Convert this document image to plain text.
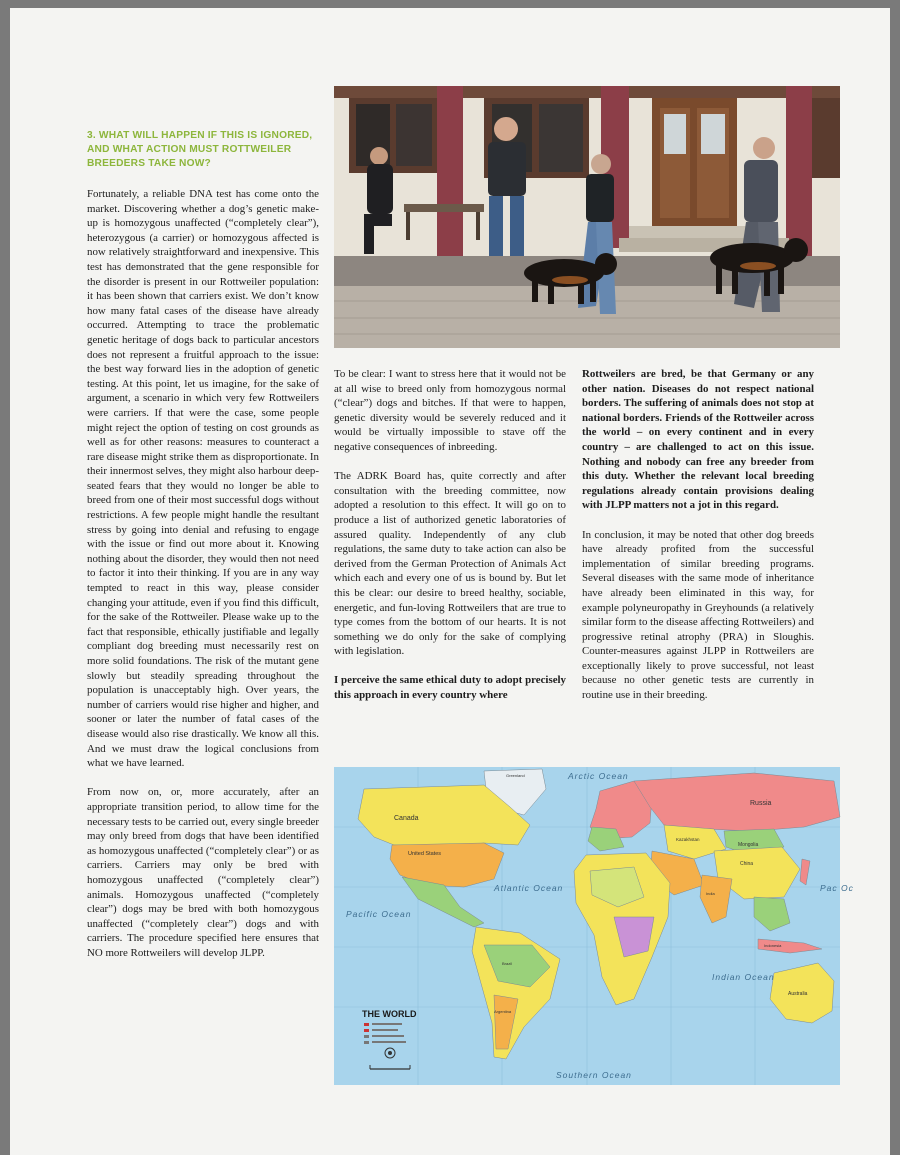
3. WHAT WILL HAPPEN IF THIS IS IGNORED, AND WHAT ACTION MUST ROTTWEILER BREEDERS TAKE NOW?

Fortunately, a reliable DNA test has come onto the market. Discovering whether a dog’s genetic make-up is homozygous unaffected (“completely clear”), heterozygous (a carrier) or homozygous affected is now relatively straightforward and inexpensive. This test has demonstrated that the gene responsible for the disorder is present in our Rottweiler population: it has been shown that carriers exist. We don’t know how many fatal cases of the disease have already occurred. Attempting to trace the problematic genetic heritage of dogs back to particular ancestors does not represent a fruitful approach to the issue: the best way forward lies in the adoption of genetic testing. At this point, let us imagine, for the sake of argument, a scenario in which very few Rottweilers were carriers. If that were the case, some people might reject the option of testing on cost grounds as well as for other reasons: measures to counteract a rare disease might strike them as disproportionate. In their innermost selves, they might also harbour deep-seated fears that they would no longer be able to breed from one of their most successful dogs without restrictions. A few people might handle the resultant stress by going into denial and refusing to engage with the issue or find out more about it. Knowing nothing about the disorder, they would then not need to factor it into their thinking. If you are in any way tempted to react in this way, please consider changing your attitude, even if you find this difficult, for the sake of the Rottweiler. Please wake up to the fact that responsible, ethically justifiable and legally compliant dog breeding must necessarily rest on more solid foundations. The risk of the mutant gene slowly but steadily spreading throughout the population is unacceptably high. Over years, the number of carriers would rise higher and higher, and sooner or later the number of fatal cases of the disease would also rise drastically. We know all this. And we must draw the logical conclusions from what we have learned.

From now on, or, more accurately, after an appropriate transition period, to allow time for the necessary tests to be carried out, every single breeder may only breed from dogs that have been identified as homozygous unaffected (“completely clear”) or as carriers. Carriers may only be bred with homozygous unaffected (“completely clear”) animals. Homozygous unaffected (“completely clear”) dogs may be bred with both homozygous unaffected (“completely clear”) dogs and with carriers. The procedure specified here ensures that NO more Rottweilers will develop JLPP.

To be clear: I want to stress here that it would not be at all wise to breed only from homozygous normal (“clear”) dogs and bitches. If that were to happen, genetic diversity would be severely reduced and it would be virtually impossible to stave off the negative consequences of inbreeding.

The ADRK Board has, quite correctly and after consultation with the breeding committee, now adopted a resolution to this effect. It will go on to produce a list of authorized genetic laboratories of assured quality. Independently of any club regulations, the same duty to take action can also be derived from the German Protection of Animals Act which each and every one of us is bound by. But let this be clear: our desire to breed healthy, sociable, energetic, and fun-loving Rottweilers that are true to type comes from the bottom of our hearts. It is not something we do only for the sake of complying with legislation.

I perceive the same ethical duty to adopt precisely this approach in every country where

Rottweilers are bred, be that Germany or any other nation. Diseases do not respect national borders. The suffering of animals does not stop at national borders. Friends of the Rottweiler across the world – on every continent and in every country – are challenged to act on this issue. Nothing and nobody can free any breeder from this duty. Whether the relevant local breeding regulations already contain provisions dealing with JLPP matters not a jot in this regard.

In conclusion, it may be noted that other dog breeds have already profited from the successful implementation of similar breeding programs. Several diseases with the same mode of inheritance have already been eliminated in this way, for example polyneuropathy in Greyhounds (a relatively similar form to the disease affecting Rottweilers) and progressive retinal atrophy (PRA) in Sloughis. Counter-measures against JLPP in Rottweilers are exceptionally likely to prove successful, not least because no other genetic tests are currently in routine use in their breeding.

Arctic Ocean
Atlantic Ocean
Pacific Ocean
Pac Oc
Indian Ocean
Southern Ocean
Russia
Canada
United States
China
Mongolia
Kazakhstan
Australia
Greenland
Brazil
India
Indonesia
Argentina
THE WORLD
